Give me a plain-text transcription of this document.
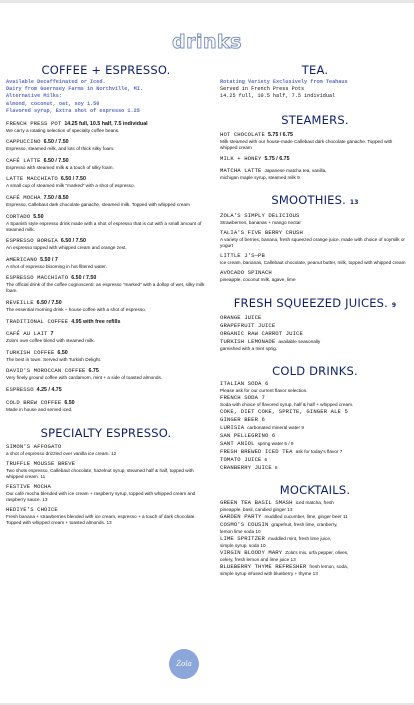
drinks
COFFEE + ESPRESSO.
Available Decaffeinated or Iced.
Dairy from Guernsey Farms in Northville, MI.
Alternative Milks:
almond, coconut, oat, soy 1.50
Flavored syrup, Extra shot of espresso 1.25
FRENCH PRESS POT 14.25 full, 10.5 half, 7.5 individual
We carry a rotating selection of specialty coffee beans.
CAPPUCCINO 6.50 / 7.50
Espresso, steamed milk, and lots of thick silky foam.
CAFÉ LATTE 6.50 / 7.50
Espresso with steamed milk & a touch of silky foam.
LATTE MACCHIATO 6.50 / 7.50
A small cup of steamed milk "marked" with a shot of espresso.
CAFÉ MOCHA 7.50 / 8.50
Espresso, Callebaut dark chocolate ganache, steamed milk. Topped with whipped cream
CORTADO 5.50
A Spanish style espresso drink made with a shot of espresso that is cut with a small amount of steamed milk.
ESPRESSO BORGIA 6.50 / 7.50
An espresso topped with whipped cream and orange zest.
AMERICANO 5.50 / 7
A shot of espresso blooming in hot filtered water.
ESPRESSO MACCHIATO 6.50 / 7.50
The official drink of the coffee cognoscenti: an espresso "marked" with a dollop of wet, silky milk foam.
REVEILLE 6.50 / 7.50
The essential morning drink – house coffee with a shot of espresso.
TRADITIONAL COFFEE 4.95 with free refills
CAFÉ AU LAIT 7
Zola's own coffee blend with steamed milk.
TURKISH COFFEE 6.50
The best in town. Served with Turkish Delight.
DAVID'S MOROCCAN COFFEE 6.75
Very finely ground coffee with cardamom, mint + a side of toasted almonds.
ESPRESSO 4.25 / 4.75
COLD BREW COFFEE 6.50
Made in house and served iced.
SPECIALTY ESPRESSO.
SIMON'S AFFOGATO
a shot of espresso drizzled over vanilla ice cream. 12
TRUFFLE MOUSSE BREVE
Two shots espresso, Callebaut chocolate, hazelnut syrup, steamed half & half, topped with whipped cream. 11
FESTIVE MOCHA
Our café mocha blended with ice cream + raspberry syrup, topped with whipped cream and raspberry sauce. 13
HEDIYE'S CHOICE
Fresh banana + strawberries blended with ice cream, espresso + a touch of dark chocolate. Topped with whipped cream + toasted almonds. 13
TEA.
Rotating Variety Exclusively from Teahaus
Served in French Press Pots
14.25 full, 10.5 half, 7.5 individual
STEAMERS.
HOT CHOCOLATE 5.75 / 6.75
Milk steamed with our house-made Callebaut dark chocolate ganache. Topped with whipped cream
MILK + HONEY 5.75 / 6.75
MATCHA LATTE Japanese matcha tea, vanilla,
michigan maple syrup, steamed milk 9
SMOOTHIES. 13
ZOLA'S SIMPLY DELICIOUS
Strawberries, bananas + mango nectar
TALIA'S FIVE BERRY CRUSH
A variety of berries, banana, fresh squeezed orange juice, made with choice of soymilk or yogurt
LITTLE J'S—PB
Ice cream, bananas, Callebaut chocolate, peanut butter, milk, topped with whipped cream
AVOCADO SPINACH
pineapple, coconut milk, agave, lime
FRESH SQUEEZED JUICES. 9
ORANGE JUICE
GRAPEFRUIT JUICE
ORGANIC RAW CARROT JUICE
TURKISH LEMONADE available seasonally
garnished with a mint sprig.
COLD DRINKS.
ITALIAN SODA 6
Please ask for our current flavor selection.
FRENCH SODA 7
Soda with choice of flavored syrup, half & half + whipped cream.
COKE, DIET COKE, SPRITE, GINGER ALE 5
GINGER BEER 6
LURISIA carbonated mineral water 9
SAN PELLEGRINO 6
SANT ANIOL spring water 5 / 9
FRESH BREWED ICED TEA ask for today's flavor 7
TOMATO JUICE 6
CRANBERRY JUICE 6
MOCKTAILS.
GREEN TEA BASIL SMASH iced matcha, fresh
pineapple, basil, candied ginger 13
GARDEN PARTY muddled cucumber, lime, ginger beer 11
COSMO'S COUSIN grapefruit, fresh lime, cranberry,
lemon lime soda 10
LIME SPRITZER muddled mint, fresh lime juice,
simple syrup, soda 10
VIRGIN BLOODY MARY Zola's mix, urfa pepper, olives,
celery, fresh lemon and lime juice 13
BLUEBERRY THYME REFRESHER fresh lemon, soda,
simple syrup infused with blueberry + thyme 13
Zola
